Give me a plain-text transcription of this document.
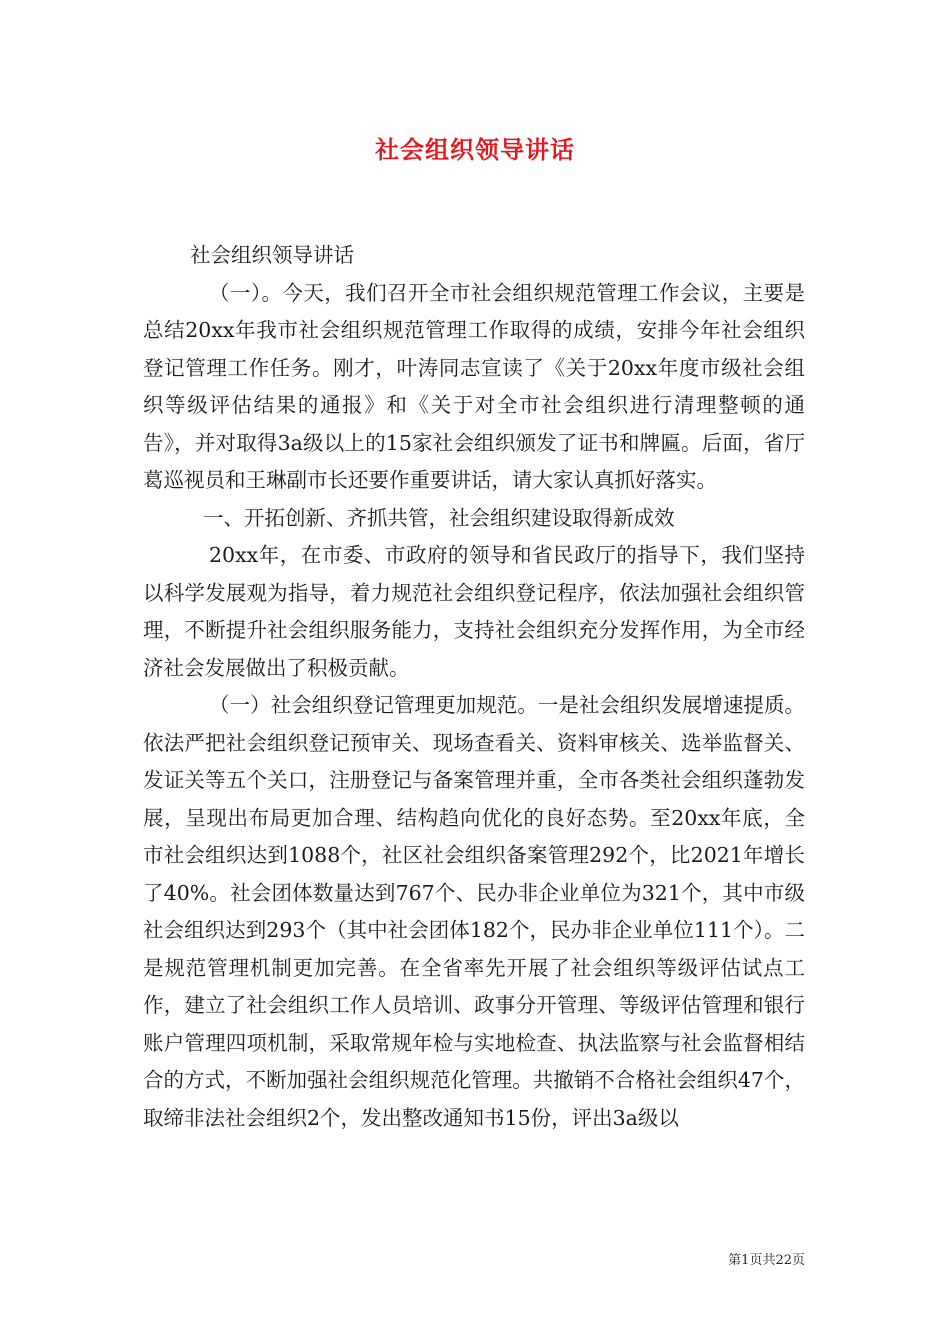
社会组织领导讲话

社会组织领导讲话

（一）。今天，我们召开全市社会组织规范管理工作会议，主要是总结20xx年我市社会组织规范管理工作取得的成绩，安排今年社会组织登记管理工作任务。刚才，叶涛同志宣读了《关于20xx年度市级社会组织等级评估结果的通报》和《关于对全市社会组织进行清理整顿的通告》，并对取得3a级以上的15家社会组织颁发了证书和牌匾。后面，省厅葛巡视员和王琳副市长还要作重要讲话，请大家认真抓好落实。

一、开拓创新、齐抓共管，社会组织建设取得新成效

20xx年，在市委、市政府的领导和省民政厅的指导下，我们坚持以科学发展观为指导，着力规范社会组织登记程序，依法加强社会组织管理，不断提升社会组织服务能力，支持社会组织充分发挥作用，为全市经济社会发展做出了积极贡献。

（一）社会组织登记管理更加规范。一是社会组织发展增速提质。依法严把社会组织登记预审关、现场查看关、资料审核关、选举监督关、发证关等五个关口，注册登记与备案管理并重，全市各类社会组织蓬勃发展，呈现出布局更加合理、结构趋向优化的良好态势。至20xx年底，全市社会组织达到1088个，社区社会组织备案管理292个，比2021年增长了40%。社会团体数量达到767个、民办非企业单位为321个，其中市级社会组织达到293个（其中社会团体182个，民办非企业单位111个）。二是规范管理机制更加完善。在全省率先开展了社会组织等级评估试点工作，建立了社会组织工作人员培训、政事分开管理、等级评估管理和银行账户管理四项机制，采取常规年检与实地检查、执法监察与社会监督相结合的方式，不断加强社会组织规范化管理。共撤销不合格社会组织47个，取缔非法社会组织2个，发出整改通知书15份，评出3a级以

第1页共22页
